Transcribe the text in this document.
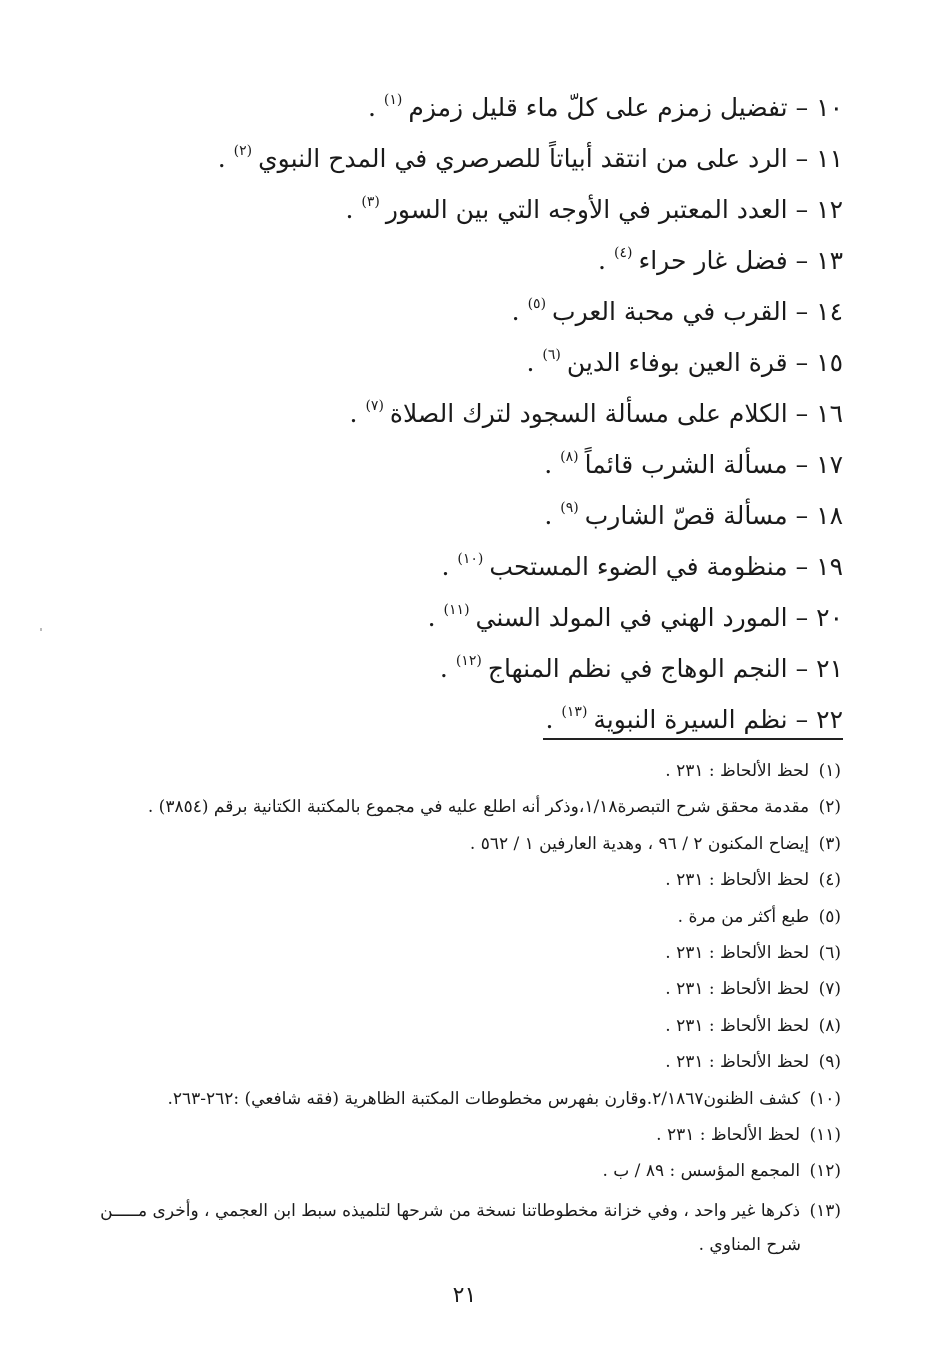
١٠–تفضيل زمزم على كلّ ماء قليل زمزم$^{(١)}$.
١١–الرد على من انتقد أبياتاً للصرصري في المدح النبوي$^{(٢)}$.
١٢–العدد المعتبر في الأوجه التي بين السور$^{(٣)}$.
١٣–فضل غار حراء$^{(٤)}$.
١٤–القرب في محبة العرب$^{(٥)}$.
١٥–قرة العين بوفاء الدين$^{(٦)}$.
١٦–الكلام على مسألة السجود لترك الصلاة$^{(٧)}$.
١٧–مسألة الشرب قائماً$^{(٨)}$.
١٨–مسألة قصّ الشارب$^{(٩)}$.
١٩–منظومة في الضوء المستحب$^{(١٠)}$.
٢٠–المورد الهني في المولد السني$^{(١١)}$.
٢١–النجم الوهاج في نظم المنهاج$^{(١٢)}$.
٢٢–نظم السيرة النبوية$^{(١٣)}$.
(١) لحظ الألحاظ : ٢٣١ .
(٢) مقدمة محقق شرح التبصرة١/١٨،وذكر أنه اطلع عليه في مجموع بالمكتبة الكتانية برقم (٣٨٥٤) .
(٣) إيضاح المكنون ٢ / ٩٦ ، وهدية العارفين ١ / ٥٦٢ .
(٤) لحظ الألحاظ : ٢٣١ .
(٥) طبع أكثر من مرة .
(٦) لحظ الألحاظ : ٢٣١ .
(٧) لحظ الألحاظ : ٢٣١ .
(٨) لحظ الألحاظ : ٢٣١ .
(٩) لحظ الألحاظ : ٢٣١ .
(١٠) كشف الظنون٢/١٨٦٧.وقارن بفهرس مخطوطات المكتبة الظاهرية (فقه شافعي) :٢٦٢-٢٦٣.
(١١) لحظ الألحاظ : ٢٣١ .
(١٢) المجمع المؤسس : ٨٩ / ب .
(١٣) ذكرها غير واحد ، وفي خزانة مخطوطاتنا نسخة من شرحها لتلميذه سبط ابن العجمي ، وأخرى مـــــن
شرح المناوي .
٢١
